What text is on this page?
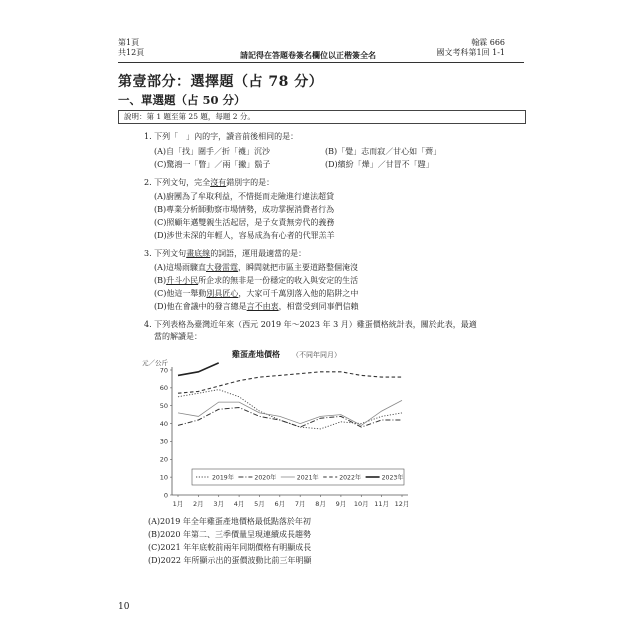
第1頁
共12頁	請記得在答題卷簽名欄位以正楷簽全名
翰霖 666
國文考科第1回 1-1
第壹部分：選擇題（占 78 分）
一、單選題（占 50 分）
說明：第 1 題至第 25 題，每題 2 分。
1. 下列「　」內的字，讀音前後相同的是：
(A)自「找」圍手／折「襪」沉沙	(B)「覺」志而寂／甘心如「薺」
(C)驚鴻一「瞥」／兩「撇」鬍子	(D)繽紛「燁」／甘冒不「韙」
2. 下列文句，完全沒有錯別字的是：
(A)廚團為了牟取利益，不惜挺而走險進行違法超貸
(B)專業分析師動察市場情勢，成功掌握消費者行為
(C)照顧年邁雙親生活起居，是子女責無旁代的義務
(D)涉世未深的年輕人，容易成為有心者的代罪羔羊
3. 下列文句畫底線的詞語，運用最適當的是：
(A)這場雨驟直大發雷霆，瞬間就把市區主要道路整個淹沒
(B)升斗小民所企求的無非是一份穩定的收入與安定的生活
(C)他這一舉動別具匠心，大家可千萬別落入他的陷阱之中
(D)他在會議中的發言總是言不由衷，相當受到同事們信賴
4. 下列表格為臺灣近年來（西元 2019 年～2023 年 3 月）雞蛋價格統計表，關於此表，最適
當的解讀是：
雞蛋產地價格 （不同年同月）
元／公斤
0
10
20
30
40
50
60
70
1月 2月 3月 4月 5月 6月 7月 8月 9月 10月 11月 12月
2019年	2020年	2021年	2022年	2023年
(A)2019 年全年雞蛋產地價格最低點落於年初
(B)2020 年第二、三季價量呈現連續成長趨勢
(C)2021 年年底較前兩年同期價格有明顯成長
(D)2022 年所顯示出的蛋價波動比前三年明顯
10
